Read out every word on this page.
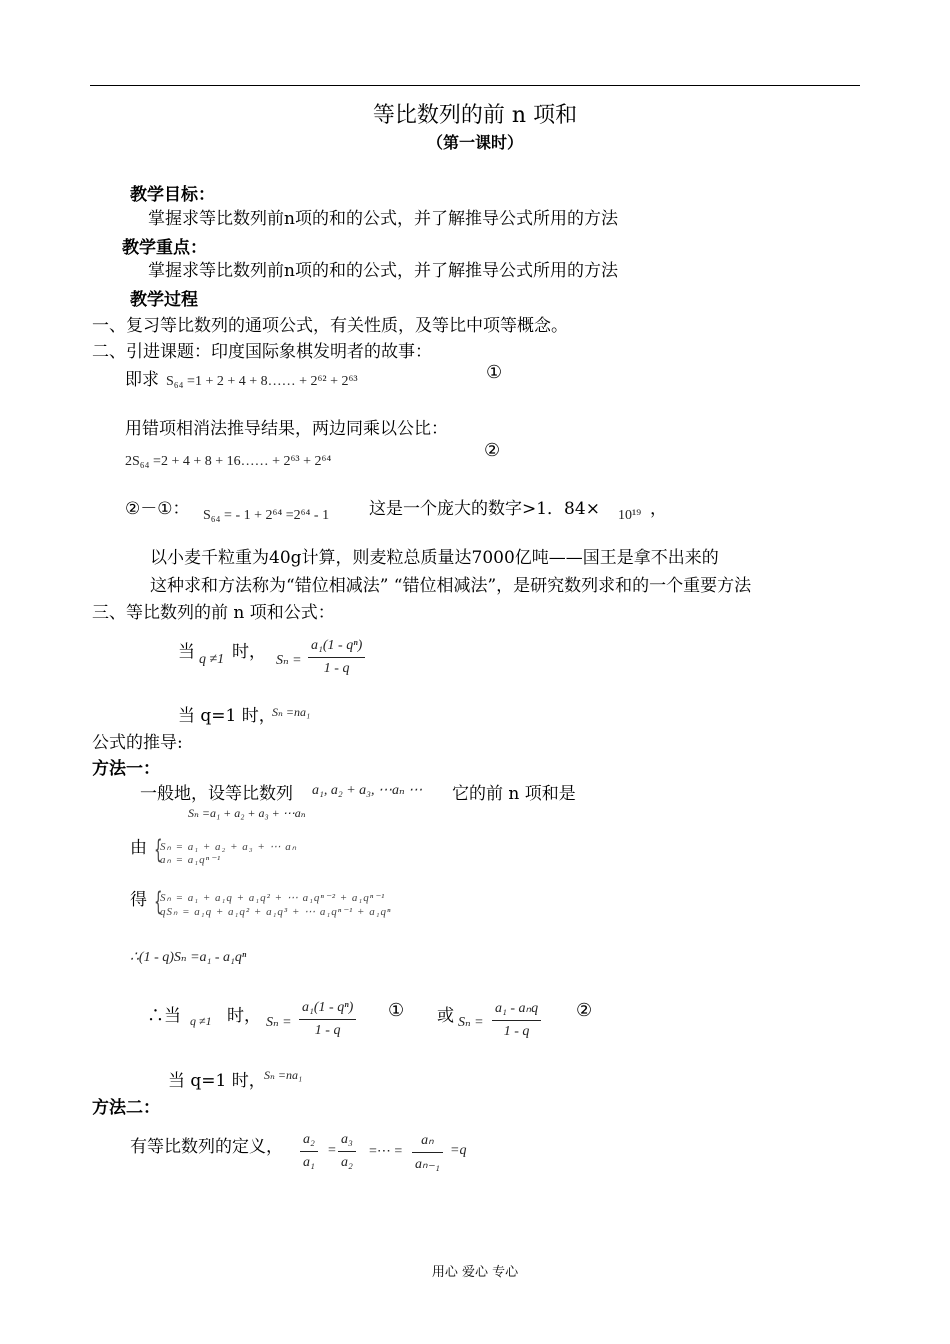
等比数列的前 n 项和
（第一课时）
教学目标：
掌握求等比数列前n项的和的公式，并了解推导公式所用的方法
教学重点：
掌握求等比数列前n项的和的公式，并了解推导公式所用的方法
教学过程
一、复习等比数列的通项公式，有关性质，及等比中项等概念。
二、引进课题：印度国际象棋发明者的故事：
即求 S₆₄ =1 + 2 + 4 + 8…… + 2⁶² + 2⁶³	①
用错项相消法推导结果，两边同乘以公比：
2S₆₄ =2 + 4 + 8 + 16…… + 2⁶³ + 2⁶⁴
②
②－①： S₆₄ = - 1 + 2⁶⁴ =2⁶⁴ - 1 这是一个庞大的数字>1．84× 10¹⁹ ，
以小麦千粒重为40g计算，则麦粒总质量达7000亿吨——国王是拿不出来的
这种求和方法称为“错位相减法” “错位相减法”，是研究数列求和的一个重要方法
三、等比数列的前 n 项和公式：
当 q ≠1 时， Sₙ =
a₁(1 - qⁿ)
1 - q
当 q=1 时，
Sₙ =na₁
公式的推导:
方法一：
一般地，设等比数列 a₁, a₂ + a₃, ⋯aₙ ⋯ 它的前 n 项和是
Sₙ =a₁ + a₂ + a₃ + ⋯aₙ
由 {
Sₙ = a₁ + a₂ + a₃ + ⋯ aₙ
aₙ = a₁qⁿ⁻¹
得 {
Sₙ = a₁ + a₁q + a₁q² + ⋯ a₁qⁿ⁻² + a₁qⁿ⁻¹
qSₙ = a₁q + a₁q² + a₁q³ + ⋯ a₁qⁿ⁻¹ + a₁qⁿ
∴(1 - q)Sₙ =a₁ - a₁qⁿ
∴当 q ≠1 时， Sₙ =
a₁(1 - qⁿ)
1 - q
① 或 Sₙ =
a₁ - aₙq
1 - q
②
当 q=1 时，
Sₙ =na₁
方法二：
有等比数列的定义， a₂
a₁
=
a₃
a₂
=⋯ =
aₙ
aₙ₋₁
=q
用心 爱心 专心
